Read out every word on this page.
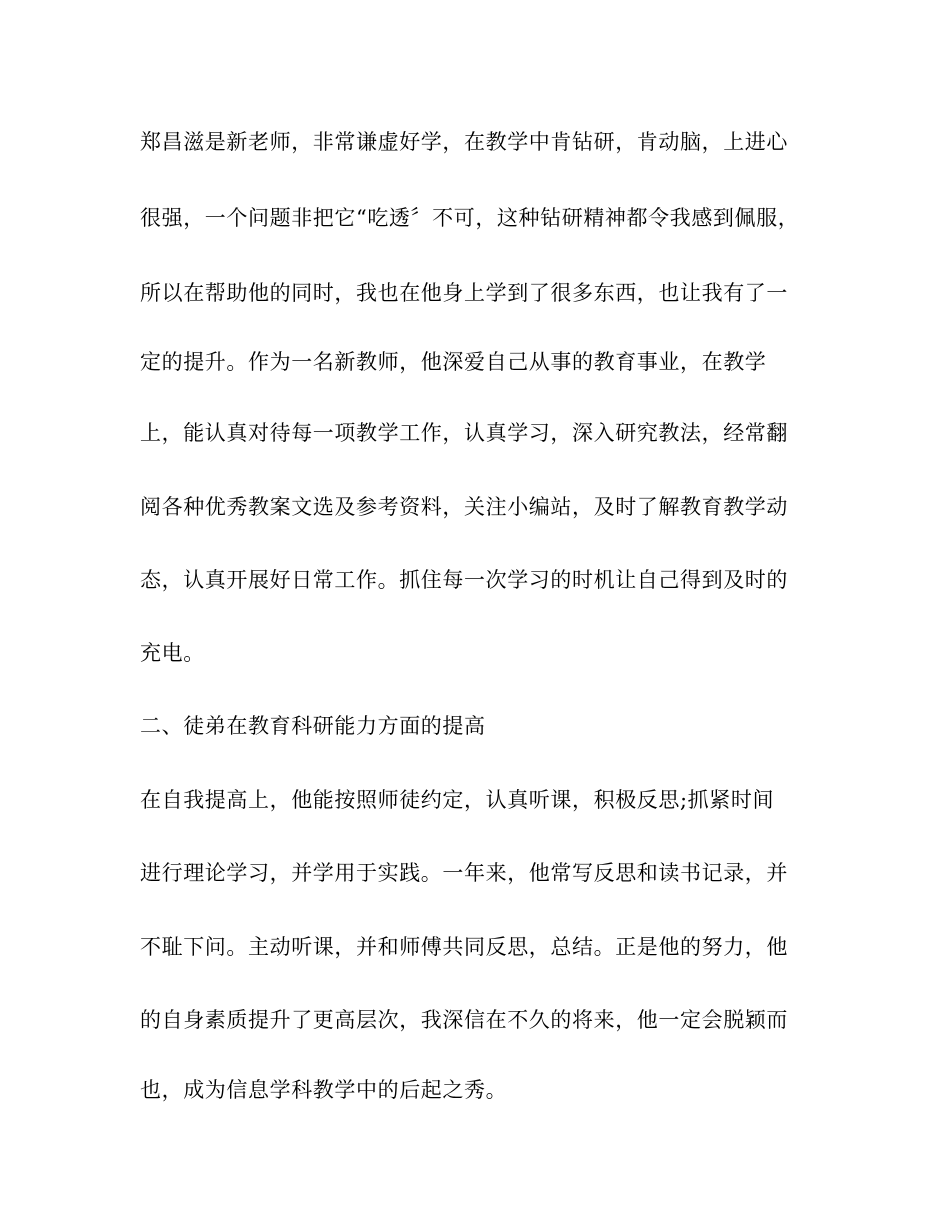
郑昌滋是新老师，非常谦虚好学，在教学中肯钻研，肯动脑，上进心
很强，一个问题非把它“吃透〞不可，这种钻研精神都令我感到佩服，
所以在帮助他的同时，我也在他身上学到了很多东西，也让我有了一
定的提升。作为一名新教师，他深爱自己从事的教育事业，在教学
上，能认真对待每一项教学工作，认真学习，深入研究教法，经常翻
阅各种优秀教案文选及参考资料，关注小编站，及时了解教育教学动
态，认真开展好日常工作。抓住每一次学习的时机让自己得到及时的
充电。
二、徒弟在教育科研能力方面的提高
在自我提高上，他能按照师徒约定，认真听课，积极反思;抓紧时间
进行理论学习，并学用于实践。一年来，他常写反思和读书记录，并
不耻下问。主动听课，并和师傅共同反思，总结。正是他的努力，他
的自身素质提升了更高层次，我深信在不久的将来，他一定会脱颖而
也，成为信息学科教学中的后起之秀。
